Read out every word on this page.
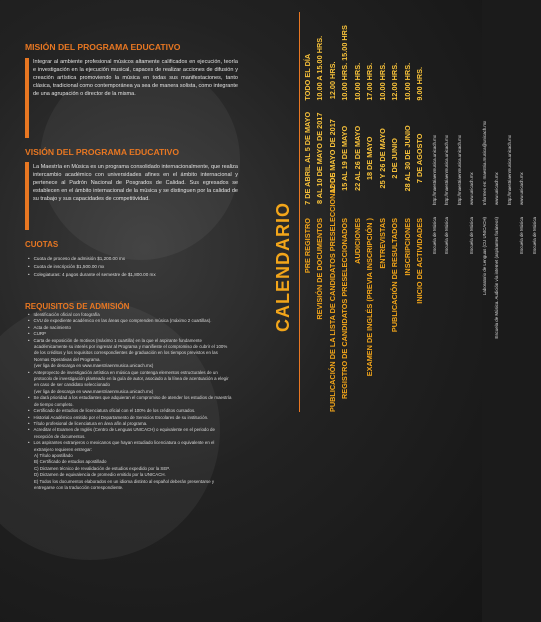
MISIÓN DEL PROGRAMA EDUCATIVO
Integrar al ambiente profesional músicos altamente calificados en ejecución, teoría e investigación en la ejecución musical, capaces de realizar acciones de difusión y creación artística promoviendo la música en todas sus manifestaciones, tanto clásica, tradicional como contemporánea ya sea de manera solista, como integrante de una agrupación o director de la misma.
VISIÓN DEL PROGRAMA EDUCATIVO
La Maestría en Música es un programa consolidado internacionalmente, que realiza intercambio académico con universidades afines en el ámbito internacional y pertenece al Padrón Nacional de Posgrados de Calidad. Sus egresados se establecen en el ámbito internacional de la música y se distinguen por la calidad de su trabajo y sus capacidades de competitividad.
CUOTAS
• Cuota de proceso de admisión $1,200.00 mx
• Cuota de inscripción $1,500.00 mx
• Colegiaturas: 4 pagos durante el semestre de $1,800.00 mx
REQUISITOS DE ADMISIÓN
• Identificación oficial con fotografía
• CVU de expediente académico en las áreas que comprenden música (máximo 2 cuartillas).
• Acta de nacimiento
• CURP
• Carta de exposición de motivos (máximo 1 cuartilla) en la que el aspirante fundamente académicamente su interés por ingresar al Programa y manifieste el compromiso de cubrir el 100% de los créditos y los requisitos correspondientes de graduación en los tiempos previstos en las Normas Operativas del Programa.
(ver liga de descarga en www.maestriaenmusica.unicach.mx)
• Anteproyecto de investigación artística en música que contenga elementos estructurales de un protocolo de investigación planteado en la guía de autor, asociado a la línea de acentuación a elegir en caso de ser candidato seleccionado
(ver liga de descarga en www.maestriaenmusica.unicach.mx)
• Se dará prioridad a los estudiantes que adquieran el compromiso de atender los estudios de maestría de tiempo completo.
• Certificado de estudios de licenciatura oficial con el 100% de los créditos cursados.
• Historial Académico emitido por el Departamento de Servicios Escolares de su institución.
• Título profesional de licenciatura en área afín al programa.
• Acreditar el Examen de Inglés (Centro de Lenguas UNICACH) o equivalente en el periodo de recepción de documentos.
• Los aspirantes extranjeros o mexicanos que hayan estudiado licenciatura o equivalente en el extranjero requieren entregar:
A) Título apostillado
B) Certificado de estudios apostillado
C) Dictamen técnico de revalidación de estudios expedido por la SEP.
D) Dictamen de equivalencia de promedio emitido por la UNICACH.
E) Todos los documentos elaborados en un idioma distinto al español deberán presentarse y entregarse con la traducción correspondiente.
CALENDARIO PRE REGISTRO
7 DE ABRIL AL 5 DE MAYO
TODO EL DÍA
REVISIÓN DE DOCUMENTOS
8 AL 10 DE MAYO DE 2017
10.00 A 15.00 HRS.
PUBLICACIÓN DE LA LISTA DE CANDIDATOS PRESELECCIONADOS
12 DE MAYO DE 2017
12.00 HRS.
REGISTRO DE CANDIDATOS PRESELECCIONADOS
15 AL 19 DE MAYO
10.00 HRS. 15.00 HRS
AUDICIONES
22 AL 26 DE MAYO
10.00 HRS.
EXAMEN DE INGLÉS (PREVIA INSCRIPCIÓN )
18 DE MAYO
17.00 HRS.
ENTREVISTAS
25 Y 26 DE MAYO
10.00 HRS.
PUBLICACIÓN DE RESULTADOS
2 DE JUNIO
12.00 HRS.
INSCRIPCIONES
28 AL 30 DE JUNIO
10.00 HRS.
INICIO DE ACTIVIDADES
7 DE AGOSTO
9.00 HRS.
Escuela de Música
http://maestriaenmusica.unicach.mx
Escuela de Música
http://maestriaenmusica.unicach.mx http://maestriaenmusica.unicach.mx
Escuela de Música
www.unicach.mx
Laboratorio de Lenguas (CU UNICACH)
Informes en: maestria.musica@unicach.mx
Escuela de Música. Audición vía internet (aspirantes foráneos)
www.unicach.mx http://maestriaenmusica.unicach.mx
Escuela de Música
www.unicach.mx
Escuela de Música
